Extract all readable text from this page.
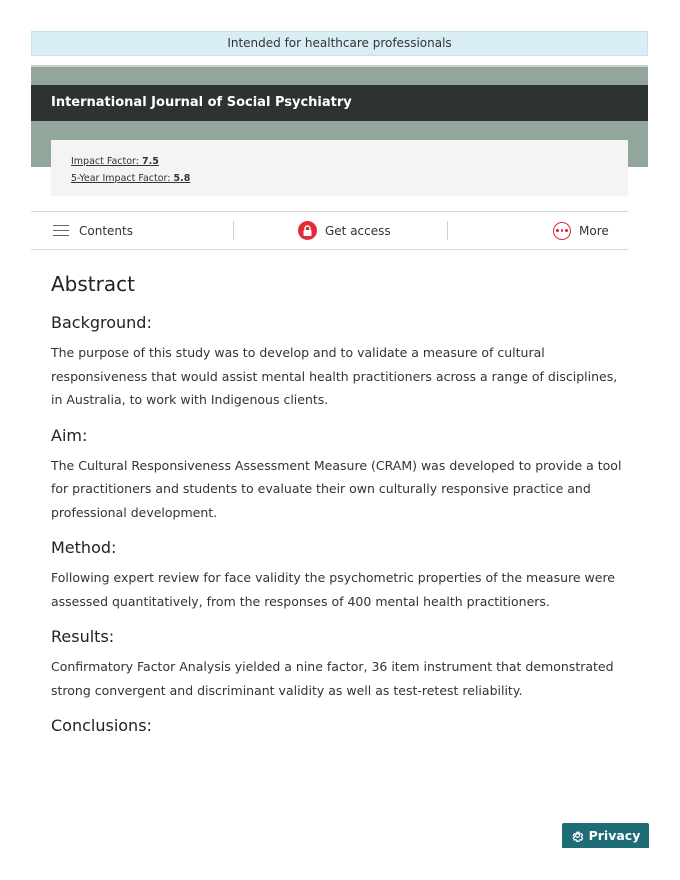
Intended for healthcare professionals
International Journal of Social Psychiatry
Impact Factor: 7.5
5-Year Impact Factor: 5.8
Contents	Get access	More
Abstract
Background:

The purpose of this study was to develop and to validate a measure of cultural responsiveness that would assist mental health practitioners across a range of disciplines, in Australia, to work with Indigenous clients.

Aim:

The Cultural Responsiveness Assessment Measure (CRAM) was developed to provide a tool for practitioners and students to evaluate their own culturally responsive practice and professional development.

Method:

Following expert review for face validity the psychometric properties of the measure were assessed quantitatively, from the responses of 400 mental health practitioners.

Results:

Confirmatory Factor Analysis yielded a nine factor, 36 item instrument that demonstrated strong convergent and discriminant validity as well as test-retest reliability.

Conclusions:
Privacy
